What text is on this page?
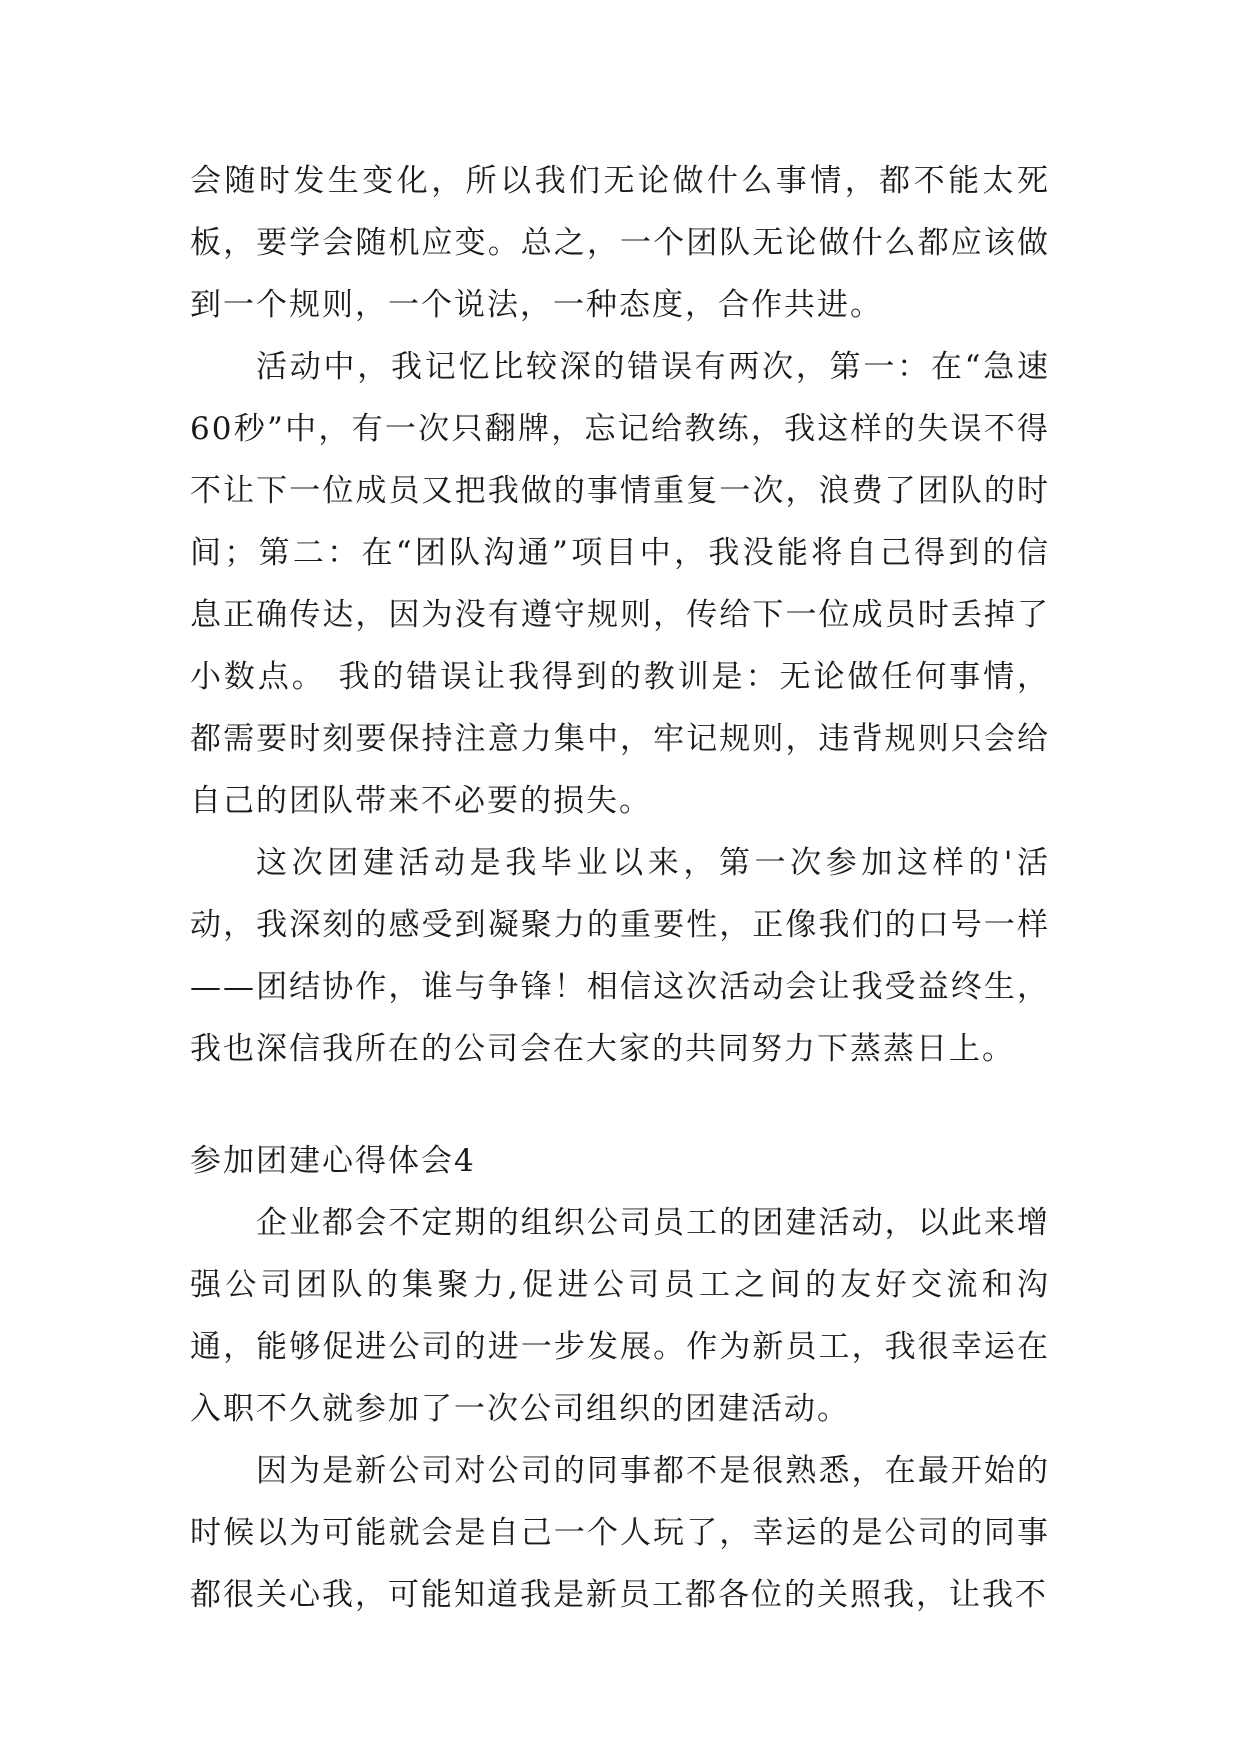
会随时发生变化，所以我们无论做什么事情，都不能太死板，要学会随机应变。总之，一个团队无论做什么都应该做到一个规则，一个说法，一种态度，合作共进。

活动中，我记忆比较深的错误有两次，第一：在“急速60秒”中，有一次只翻牌，忘记给教练，我这样的失误不得不让下一位成员又把我做的事情重复一次，浪费了团队的时间；第二：在“团队沟通”项目中，我没能将自己得到的信息正确传达，因为没有遵守规则，传给下一位成员时丢掉了小数点。 我的错误让我得到的教训是：无论做任何事情，都需要时刻要保持注意力集中，牢记规则，违背规则只会给自己的团队带来不必要的损失。

这次团建活动是我毕业以来，第一次参加这样的'活动，我深刻的感受到凝聚力的重要性，正像我们的口号一样——团结协作，谁与争锋！相信这次活动会让我受益终生，我也深信我所在的公司会在大家的共同努力下蒸蒸日上。

参加团建心得体会4

企业都会不定期的组织公司员工的团建活动，以此来增强公司团队的集聚力,促进公司员工之间的友好交流和沟通，能够促进公司的进一步发展。作为新员工，我很幸运在入职不久就参加了一次公司组织的团建活动。

因为是新公司对公司的同事都不是很熟悉，在最开始的时候以为可能就会是自己一个人玩了，幸运的是公司的同事都很关心我，可能知道我是新员工都各位的关照我，让我不
